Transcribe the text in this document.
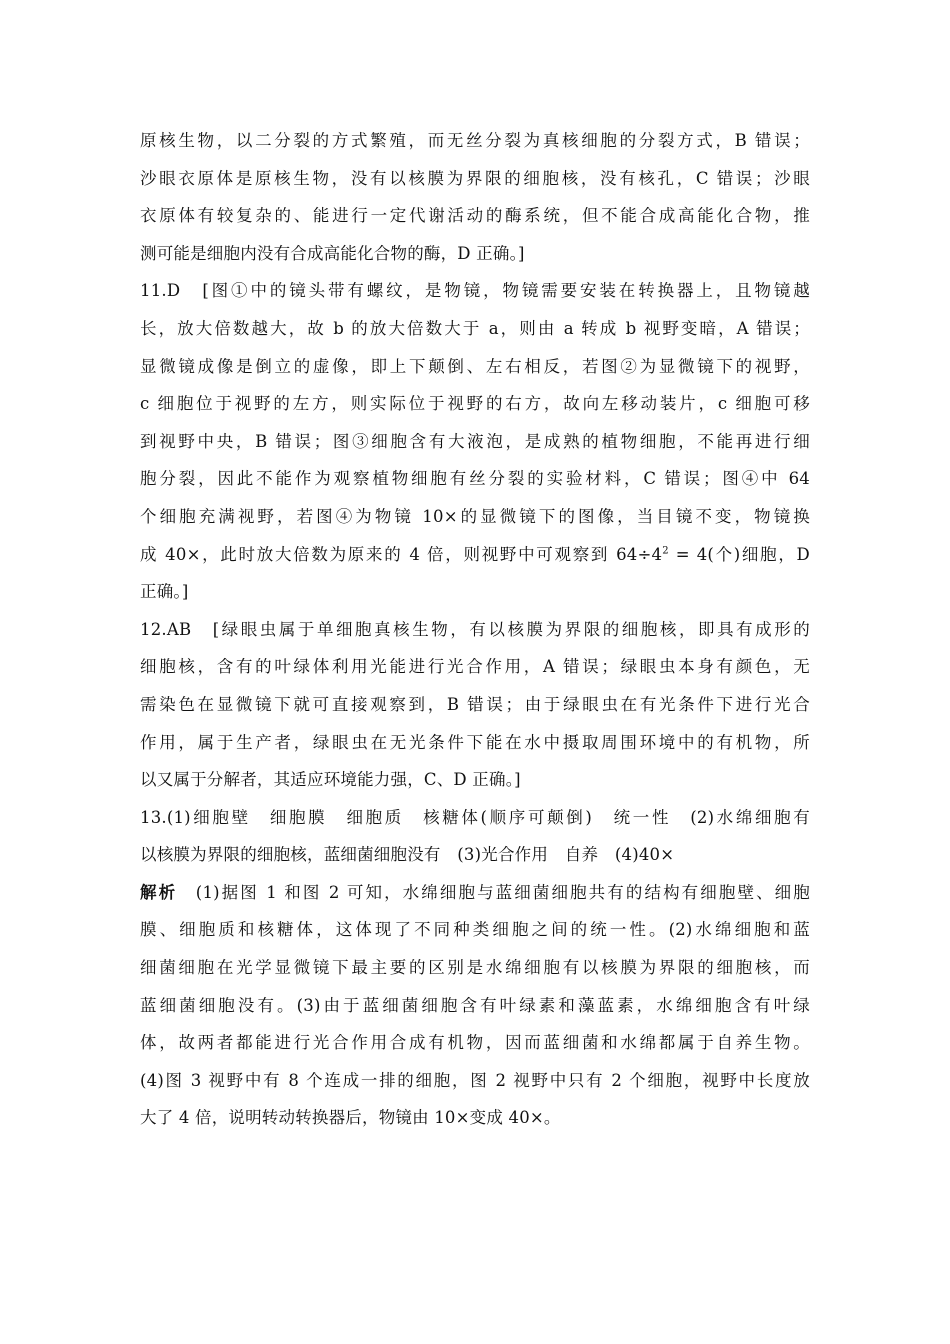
原核生物，以二分裂的方式繁殖，而无丝分裂为真核细胞的分裂方式，B 错误；
沙眼衣原体是原核生物，没有以核膜为界限的细胞核，没有核孔，C 错误；沙眼
衣原体有较复杂的、能进行一定代谢活动的酶系统，但不能合成高能化合物，推
测可能是细胞内没有合成高能化合物的酶，D 正确。]
11.D　[图①中的镜头带有螺纹，是物镜，物镜需要安装在转换器上，且物镜越
长，放大倍数越大，故 b 的放大倍数大于 a，则由 a 转成 b 视野变暗，A 错误；
显微镜成像是倒立的虚像，即上下颠倒、左右相反，若图②为显微镜下的视野，
c 细胞位于视野的左方，则实际位于视野的右方，故向左移动装片，c 细胞可移
到视野中央，B 错误；图③细胞含有大液泡，是成熟的植物细胞，不能再进行细
胞分裂，因此不能作为观察植物细胞有丝分裂的实验材料，C 错误；图④中 64
个细胞充满视野，若图④为物镜 10×的显微镜下的图像，当目镜不变，物镜换
成 40×，此时放大倍数为原来的 4 倍，则视野中可观察到 $64\div 4^2 = 4$(个)细胞，D
正确。]
12.AB　[绿眼虫属于单细胞真核生物，有以核膜为界限的细胞核，即具有成形的
细胞核，含有的叶绿体利用光能进行光合作用，A 错误；绿眼虫本身有颜色，无
需染色在显微镜下就可直接观察到，B 错误；由于绿眼虫在有光条件下进行光合
作用，属于生产者，绿眼虫在无光条件下能在水中摄取周围环境中的有机物，所
以又属于分解者，其适应环境能力强，C、D 正确。]
13.(1)细胞壁　细胞膜　细胞质　核糖体(顺序可颠倒)　统一性　(2)水绵细胞有
以核膜为界限的细胞核，蓝细菌细胞没有　(3)光合作用　自养　(4)40×
解析　(1)据图 1 和图 2 可知，水绵细胞与蓝细菌细胞共有的结构有细胞壁、细胞
膜、细胞质和核糖体，这体现了不同种类细胞之间的统一性。(2)水绵细胞和蓝
细菌细胞在光学显微镜下最主要的区别是水绵细胞有以核膜为界限的细胞核，而
蓝细菌细胞没有。(3)由于蓝细菌细胞含有叶绿素和藻蓝素，水绵细胞含有叶绿
体，故两者都能进行光合作用合成有机物，因而蓝细菌和水绵都属于自养生物。
(4)图 3 视野中有 8 个连成一排的细胞，图 2 视野中只有 2 个细胞，视野中长度放
大了 4 倍，说明转动转换器后，物镜由 10×变成 40×。
